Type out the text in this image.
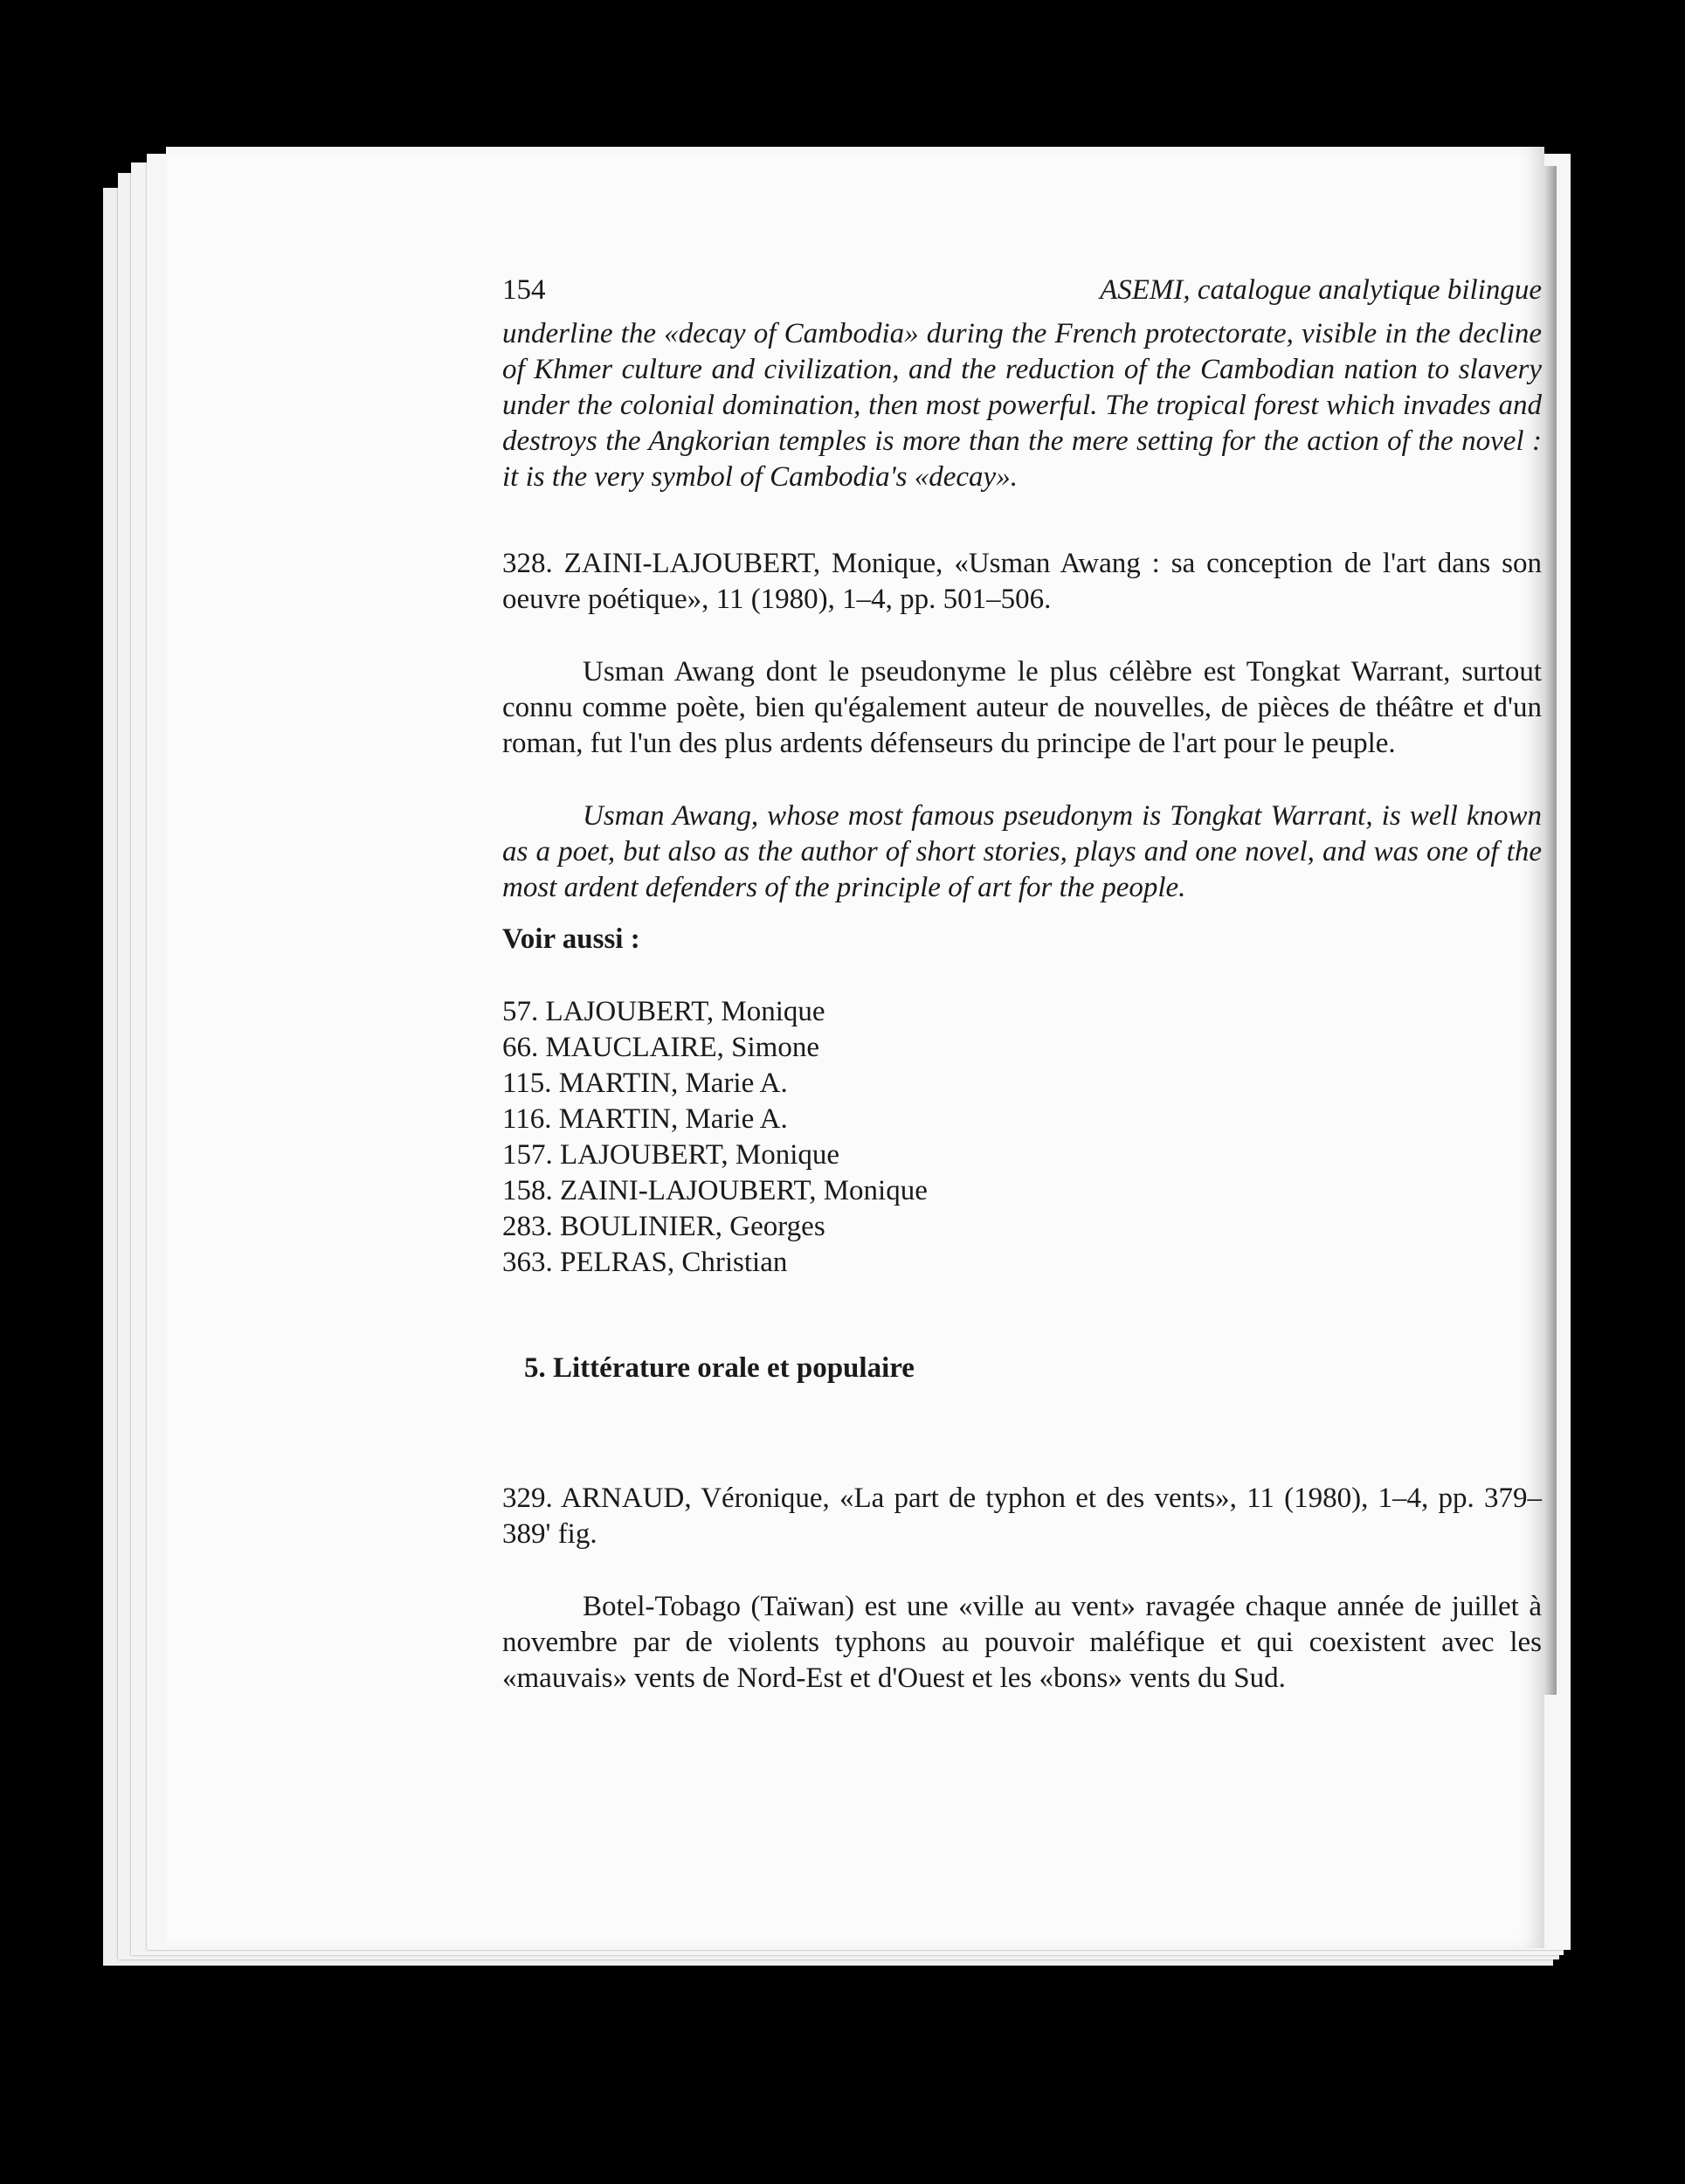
154	ASEMI, catalogue analytique bilingue

underline the «decay of Cambodia» during the French protectorate, visible in the decline of Khmer culture and civilization, and the reduction of the Cambodian nation to slavery under the colonial domination, then most powerful. The tropical forest which invades and destroys the Angkorian temples is more than the mere setting for the action of the novel : it is the very symbol of Cambodia's «decay».

328. ZAINI-LAJOUBERT, Monique, «Usman Awang : sa conception de l'art dans son oeuvre poétique», 11 (1980), 1–4, pp. 501–506.

Usman Awang dont le pseudonyme le plus célèbre est Tongkat Warrant, surtout connu comme poète, bien qu'également auteur de nouvelles, de pièces de théâtre et d'un roman, fut l'un des plus ardents défenseurs du principe de l'art pour le peuple.

Usman Awang, whose most famous pseudonym is Tongkat Warrant, is well known as a poet, but also as the author of short stories, plays and one novel, and was one of the most ardent defenders of the principle of art for the people.

Voir aussi :

57. LAJOUBERT, Monique
66. MAUCLAIRE, Simone
115. MARTIN, Marie A.
116. MARTIN, Marie A.
157. LAJOUBERT, Monique
158. ZAINI-LAJOUBERT, Monique
283. BOULINIER, Georges
363. PELRAS, Christian

5. Littérature orale et populaire

329. ARNAUD, Véronique, «La part de typhon et des vents», 11 (1980), 1–4, pp. 379–389' fig.

Botel-Tobago (Taïwan) est une «ville au vent» ravagée chaque année de juillet à novembre par de violents typhons au pouvoir maléfique et qui coexistent avec les «mauvais» vents de Nord-Est et d'Ouest et les «bons» vents du Sud.
